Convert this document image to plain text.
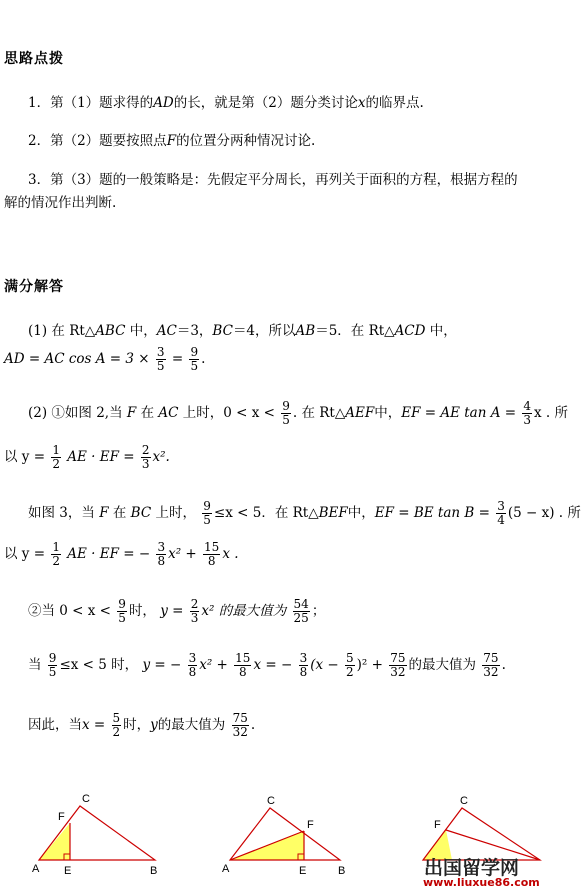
思路点拨
1．第（1）题求得的AD的长，就是第（2）题分类讨论x的临界点.
2．第（2）题要按照点F的位置分两种情况讨论.
3．第（3）题的一般策略是：先假定平分周长，再列关于面积的方程，根据方程的
解的情况作出判断.
满分解答
(1) 在 Rt△ABC 中，AC＝3，BC＝4，所以AB＝5．在 Rt△ACD 中，
AD = AC $\cos A = 3 \times \frac{3}{5} = \frac{9}{5}$ .
(2) ①如图 2,当 F 在 AC 上时，$0 < x < \frac{9}{5}$ . 在 Rt△AEF中，EF = AE $\tan A = \frac{4}{3}$ x . 所
以 $y = \frac{1}{2}$ AE · EF = $\frac{2}{3} x^2$.
如图 3，当 F 在 BC 上时， $\frac{9}{5} \le x < 5$．在 Rt△BEF中，EF = BE $\tan B = \frac{3}{4} (5 - x)$ . 所
以 $y = \frac{1}{2}$ AE · EF = − $\frac{3}{8} x^2 + \frac{15}{8}$ x .
②当 $0 < x < \frac{9}{5}$ 时， $y = \frac{2}{3} x^2$ 的最大值为 $\frac{54}{25}$ ；
当 $\frac{9}{5} \le x < 5$ 时， y = − $\frac{3}{8} x^2 + \frac{15}{8}$ x = − $\frac{3}{8} (x - \frac{5}{2} )^2 + \frac{75}{32}$ 的最大值为 $\frac{75}{32}$ .
因此，当$x = \frac{5}{2}$ 时，y的最大值为 $\frac{75}{32}$ .
C
F
A E	B
C
F
A	E	B
C
F
出国留学网
www.liuxue86.com
